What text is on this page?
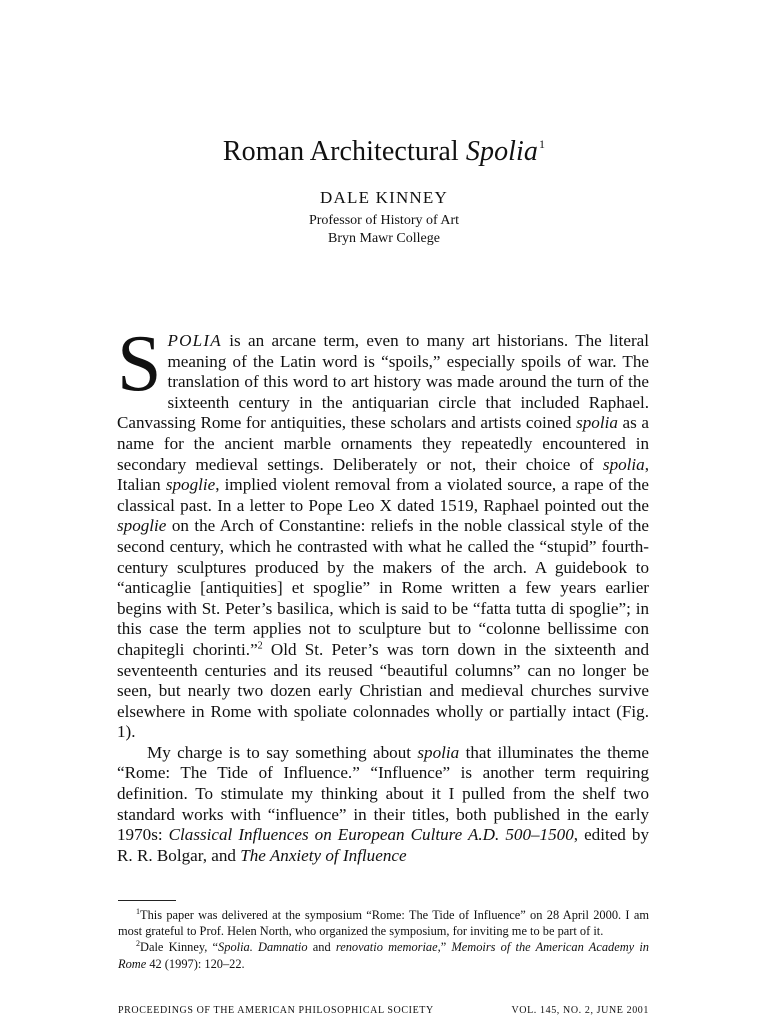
Roman Architectural Spolia$^1$
DALE KINNEY
Professor of History of Art
Bryn Mawr College

SPOLIA is an arcane term, even to many art historians. The literal meaning of the Latin word is “spoils,” especially spoils of war. The translation of this word to art history was made around the turn of the sixteenth century in the antiquarian circle that included Raphael. Canvassing Rome for antiquities, these scholars and artists coined spolia as a name for the ancient marble ornaments they repeatedly encountered in secondary medieval settings. Deliberately or not, their choice of spolia, Italian spoglie, implied violent removal from a violated source, a rape of the classical past. In a letter to Pope Leo X dated 1519, Raphael pointed out the spoglie on the Arch of Constantine: reliefs in the noble classical style of the second century, which he contrasted with what he called the “stupid” fourth-century sculptures produced by the makers of the arch. A guidebook to “anticaglie [antiquities] et spoglie” in Rome written a few years earlier begins with St. Peter’s basilica, which is said to be “fatta tutta di spoglie”; in this case the term applies not to sculpture but to “colonne bellissime con chapitegli chorinti.”$^2$ Old St. Peter’s was torn down in the sixteenth and seventeenth centuries and its reused “beautiful columns” can no longer be seen, but nearly two dozen early Christian and medieval churches survive elsewhere in Rome with spoliate colonnades wholly or partially intact (Fig. 1).

My charge is to say something about spolia that illuminates the theme “Rome: The Tide of Influence.” “Influence” is another term requiring definition. To stimulate my thinking about it I pulled from the shelf two standard works with “influence” in their titles, both published in the early 1970s: Classical Influences on European Culture A.D. 500–1500, edited by R. R. Bolgar, and The Anxiety of Influence

$^1$This paper was delivered at the symposium “Rome: The Tide of Influence” on 28 April 2000. I am most grateful to Prof. Helen North, who organized the symposium, for inviting me to be part of it.

$^2$Dale Kinney, “Spolia. Damnatio and renovatio memoriae,” Memoirs of the American Academy in Rome 42 (1997): 120–22.

PROCEEDINGS OF THE AMERICAN PHILOSOPHICAL SOCIETY	VOL. 145, NO. 2, JUNE 2001
